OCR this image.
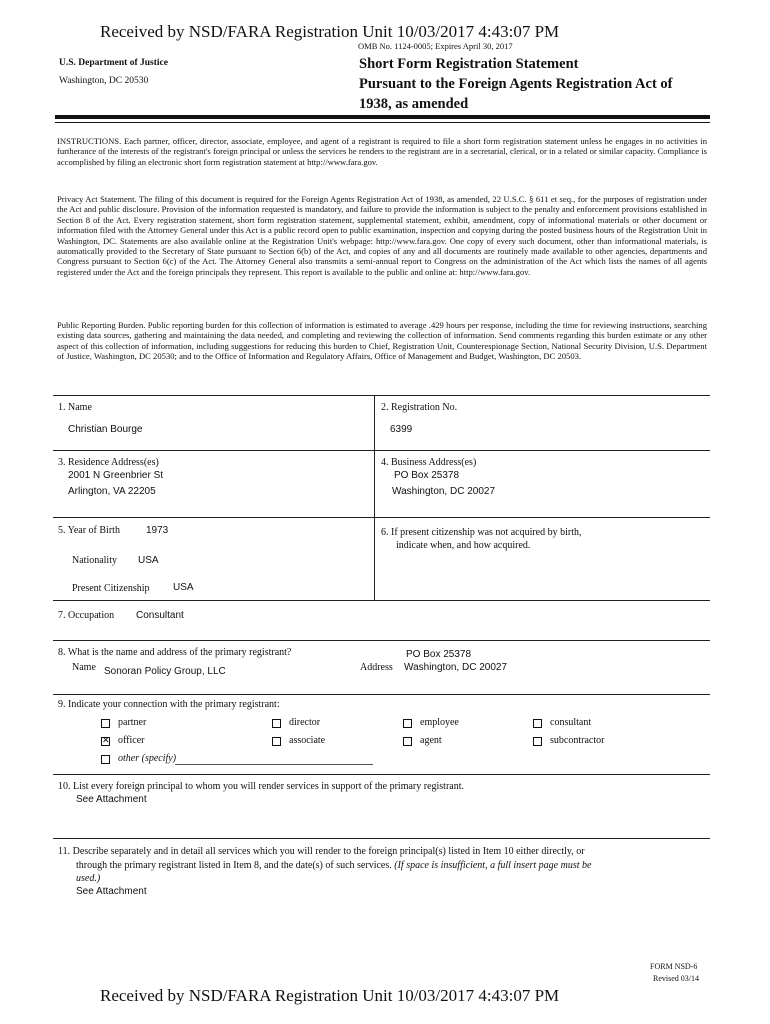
Received by NSD/FARA Registration Unit 10/03/2017 4:43:07 PM
OMB No. 1124-0005; Expires April 30, 2017
U.S. Department of Justice
Washington, DC 20530
Short Form Registration Statement
Pursuant to the Foreign Agents Registration Act of
1938, as amended
INSTRUCTIONS. Each partner, officer, director, associate, employee, and agent of a registrant is required to file a short form registration statement unless he engages in no activities in furtherance of the interests of the registrant's foreign principal or unless the services he renders to the registrant are in a secretarial, clerical, or in a related or similar capacity. Compliance is accomplished by filing an electronic short form registration statement at http://www.fara.gov.
Privacy Act Statement. The filing of this document is required for the Foreign Agents Registration Act of 1938, as amended, 22 U.S.C. § 611 et seq., for the purposes of registration under the Act and public disclosure. Provision of the information requested is mandatory, and failure to provide the information is subject to the penalty and enforcement provisions established in Section 8 of the Act. Every registration statement, short form registration statement, supplemental statement, exhibit, amendment, copy of informational materials or other document or information filed with the Attorney General under this Act is a public record open to public examination, inspection and copying during the posted business hours of the Registration Unit in Washington, DC. Statements are also available online at the Registration Unit's webpage: http://www.fara.gov. One copy of every such document, other than informational materials, is automatically provided to the Secretary of State pursuant to Section 6(b) of the Act, and copies of any and all documents are routinely made available to other agencies, departments and Congress pursuant to Section 6(c) of the Act. The Attorney General also transmits a semi-annual report to Congress on the administration of the Act which lists the names of all agents registered under the Act and the foreign principals they represent. This report is available to the public and online at: http://www.fara.gov.
Public Reporting Burden. Public reporting burden for this collection of information is estimated to average .429 hours per response, including the time for reviewing instructions, searching existing data sources, gathering and maintaining the data needed, and completing and reviewing the collection of information. Send comments regarding this burden estimate or any other aspect of this collection of information, including suggestions for reducing this burden to Chief, Registration Unit, Counterespionage Section, National Security Division, U.S. Department of Justice, Washington, DC 20530; and to the Office of Information and Regulatory Affairs, Office of Management and Budget, Washington, DC 20503.
1. Name
Christian Bourge
2. Registration No.
6399
3. Residence Address(es)
2001 N Greenbrier St
Arlington, VA 22205
4. Business Address(es)
PO Box 25378
Washington, DC 20027
5. Year of Birth	1973
Nationality USA
Present Citizenship USA
6. If present citizenship was not acquired by birth,
indicate when, and how acquired.
7. Occupation Consultant
8. What is the name and address of the primary registrant?
Name Sonoran Policy Group, LLC	Address
PO Box 25378
Washington, DC 20027
9. Indicate your connection with the primary registrant:
partner
✕ officer
other (specify)
director
associate
employee
agent
consultant
subcontractor
10. List every foreign principal to whom you will render services in support of the primary registrant.
See Attachment
11. Describe separately and in detail all services which you will render to the foreign principal(s) listed in Item 10 either directly, or
through the primary registrant listed in Item 8, and the date(s) of such services. (If space is insufficient, a full insert page must be
used.)
See Attachment
FORM NSD-6
Revised 03/14
Received by NSD/FARA Registration Unit 10/03/2017 4:43:07 PM
